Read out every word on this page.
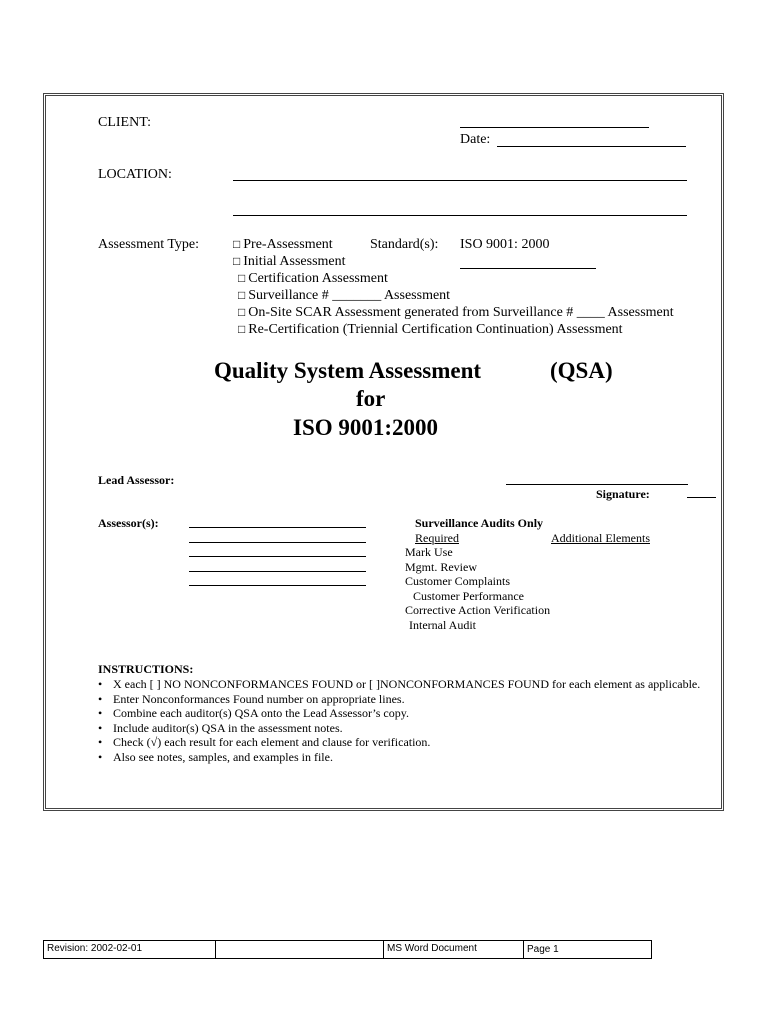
CLIENT:
Date:
LOCATION:
Assessment Type:
□	Pre-Assessment	Standard(s): ISO 9001: 2000
□ Initial Assessment
□ Certification Assessment
□ Surveillance # _______ Assessment
□ On-Site SCAR Assessment generated from Surveillance # ____ Assessment
□ Re-Certification (Triennial Certification Continuation) Assessment
Quality System Assessment	(QSA)
for
ISO 9001:2000
Lead Assessor:
Signature:
Assessor(s):	Surveillance Audits Only
Required	Additional Elements
Mark Use
Mgmt. Review
Customer Complaints
Customer Performance
Corrective Action Verification
Internal Audit
INSTRUCTIONS:
• X each [ ] NO NONCONFORMANCES FOUND or [ ]NONCONFORMANCES FOUND for each element as applicable.
• Enter Nonconformances Found number on appropriate lines.
• Combine each auditor(s) QSA onto the Lead Assessor’s copy.
• Include auditor(s) QSA in the assessment notes.
• Check (√) each result for each element and clause for verification.
• Also see notes, samples, and examples in file.
Revision: 2002-02-01	MS Word Document	Page 1
